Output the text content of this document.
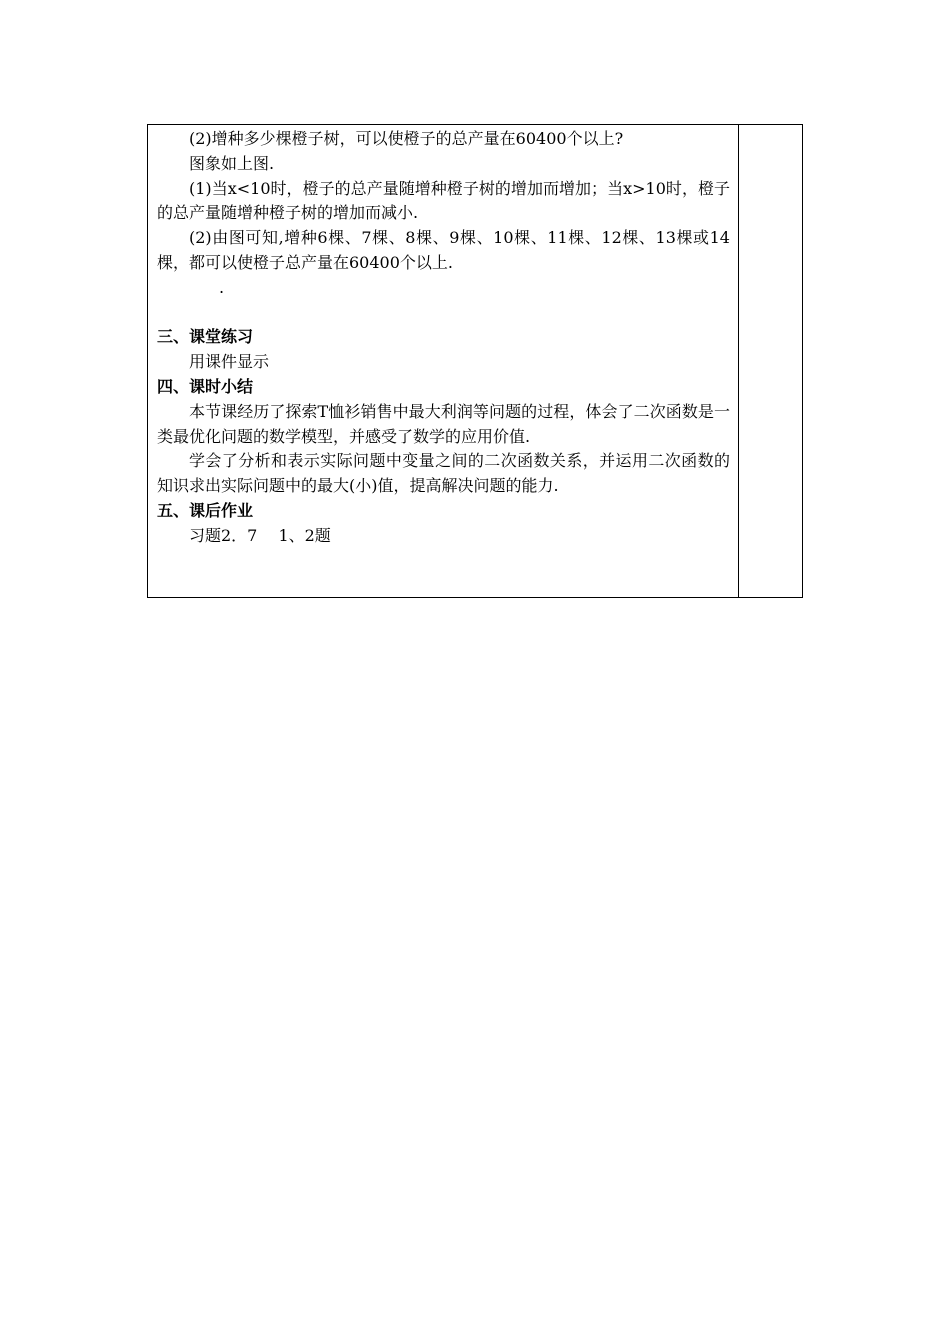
(2)增种多少棵橙子树，可以使橙子的总产量在60400个以上?

图象如上图.

(1)当x<10时，橙子的总产量随增种橙子树的增加而增加；当x>10时，橙子的总产量随增种橙子树的增加而减小.

(2)由图可知,增种6棵、7棵、8棵、9棵、10棵、11棵、12棵、13棵或14棵，都可以使橙子总产量在60400个以上.

.

三、课堂练习

用课件显示

四、课时小结

本节课经历了探索T恤衫销售中最大利润等问题的过程，体会了二次函数是一类最优化问题的数学模型，并感受了数学的应用价值.

学会了分析和表示实际问题中变量之间的二次函数关系，并运用二次函数的知识求出实际问题中的最大(小)值，提高解决问题的能力.

五、课后作业

习题2．7　 1、2题
